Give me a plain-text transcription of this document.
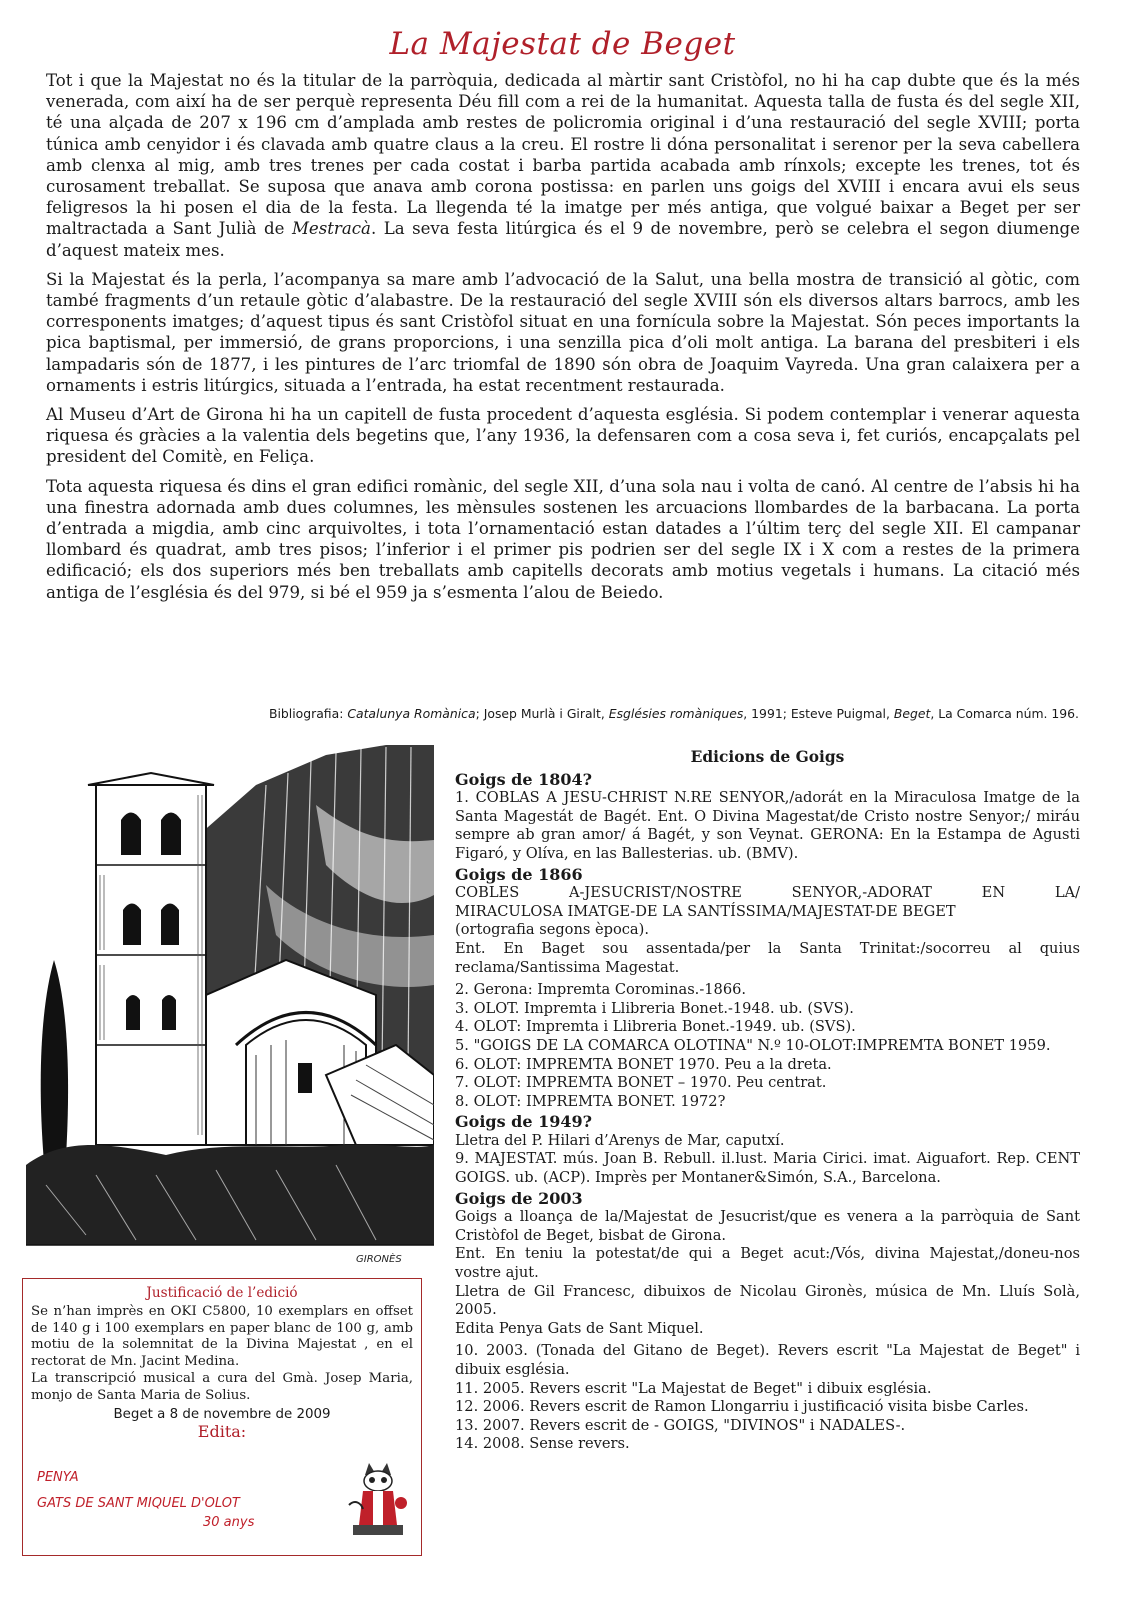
La Majestat de Beget

Tot i que la Majestat no és la titular de la parròquia, dedicada al màrtir sant Cristòfol, no hi ha cap dubte que és la més venerada, com així ha de ser perquè representa Déu fill com a rei de la humanitat. Aquesta talla de fusta és del segle XII, té una alçada de 207 x 196 cm d’amplada amb restes de policromia original i d’una restauració del segle XVIII; porta túnica amb cenyidor i és clavada amb quatre claus a la creu. El rostre li dóna personalitat i serenor per la seva cabellera amb clenxa al mig, amb tres trenes per cada costat i barba partida acabada amb rínxols; excepte les trenes, tot és curosament treballat. Se suposa que anava amb corona postissa: en parlen uns goigs del XVIII i encara avui els seus feligresos la hi posen el dia de la festa. La llegenda té la imatge per més antiga, que volgué baixar a Beget per ser maltractada a Sant Julià de Mestracà. La seva festa litúrgica és el 9 de novembre, però se celebra el segon diumenge d’aquest mateix mes.

Si la Majestat és la perla, l’acompanya sa mare amb l’advocació de la Salut, una bella mostra de transició al gòtic, com també fragments d’un retaule gòtic d’alabastre. De la restauració del segle XVIII són els diversos altars barrocs, amb les corresponents imatges; d’aquest tipus és sant Cristòfol situat en una fornícula sobre la Majestat. Són peces importants la pica baptismal, per immersió, de grans proporcions, i una senzilla pica d’oli molt antiga. La barana del presbiteri i els lampadaris són de 1877, i les pintures de l’arc triomfal de 1890 són obra de Joaquim Vayreda. Una gran calaixera per a ornaments i estris litúrgics, situada a l’entrada, ha estat recentment restaurada.

Al Museu d’Art de Girona hi ha un capitell de fusta procedent d’aquesta església. Si podem contemplar i venerar aquesta riquesa és gràcies a la valentia dels begetins que, l’any 1936, la defensaren com a cosa seva i, fet curiós, encapçalats pel president del Comitè, en Feliça.

Tota aquesta riquesa és dins el gran edifici romànic, del segle XII, d’una sola nau i volta de canó. Al centre de l’absis hi ha una finestra adornada amb dues columnes, les mènsules sostenen les arcuacions llombardes de la barbacana. La porta d’entrada a migdia, amb cinc arquivoltes, i tota l’ornamentació estan datades a l’últim terç del segle XII. El campanar llombard és quadrat, amb tres pisos; l’inferior i el primer pis podrien ser del segle IX i X com a restes de la primera edificació; els dos superiors més ben treballats amb capitells decorats amb motius vegetals i humans. La citació més antiga de l’església és del 979, si bé el 959 ja s’esmenta l’alou de Beiedo.

Bibliografia: Catalunya Romànica; Josep Murlà i Giralt, Esglésies romàniques, 1991; Esteve Puigmal, Beget, La Comarca núm. 196.
GIRONÈS
Justificació de l’edició

Se n’han imprès en OKI C5800, 10 exemplars en offset de 140 g i 100 exemplars en paper blanc de 100 g, amb motiu de la solemnitat de la Divina Majestat , en el rectorat de Mn. Jacint Medina.

La transcripció musical a cura del Gmà. Josep Maria, monjo de Santa Maria de Solius.

Beget a 8 de novembre de 2009
Edita:
PENYA
GATS DE SANT MIQUEL D'OLOT
30 anys
Edicions de Goigs
Goigs de 1804?

1. COBLAS A JESU-CHRIST N.RE SENYOR,/adorát en la Miraculosa Imatge de la Santa Magestát de Bagét. Ent. O Divina Magestat/de Cristo nostre Senyor;/ miráu sempre ab gran amor/ á Bagét, y son Veynat. GERONA: En la Estampa de Agusti Figaró, y Olíva, en las Ballesterias. ub. (BMV).

Goigs de 1866

COBLES A-JESUCRIST/NOSTRE SENYOR,-ADORAT EN LA/

MIRACULOSA IMATGE-DE LA SANTÍSSIMA/MAJESTAT-DE BEGET

(ortografia segons època).

Ent. En Baget sou assentada/per la Santa Trinitat:/socorreu al quius reclama/Santissima Magestat.

2. Gerona: Impremta Corominas.-1866.

3. OLOT. Impremta i Llibreria Bonet.-1948. ub. (SVS).

4. OLOT: Impremta i Llibreria Bonet.-1949. ub. (SVS).

5. "GOIGS DE LA COMARCA OLOTINA" N.º 10-OLOT:IMPREMTA BONET 1959.

6. OLOT: IMPREMTA BONET 1970. Peu a la dreta.

7. OLOT: IMPREMTA BONET – 1970. Peu centrat.

8. OLOT: IMPREMTA BONET. 1972?

Goigs de 1949?

Lletra del P. Hilari d’Arenys de Mar, caputxí.

9. MAJESTAT. mús. Joan B. Rebull. il.lust. Maria Cirici. imat. Aiguafort. Rep. CENT GOIGS. ub. (ACP). Imprès per Montaner&Simón, S.A., Barcelona.

Goigs de 2003

Goigs a lloança de la/Majestat de Jesucrist/que es venera a la parròquia de Sant Cristòfol de Beget, bisbat de Girona.

Ent. En teniu la potestat/de qui a Beget acut:/Vós, divina Majestat,/doneu-nos vostre ajut.

Lletra de Gil Francesc, dibuixos de Nicolau Gironès, música de Mn. Lluís Solà, 2005.

Edita Penya Gats de Sant Miquel.

10. 2003. (Tonada del Gitano de Beget). Revers escrit "La Majestat de Beget" i dibuix església.

11. 2005. Revers escrit "La Majestat de Beget" i dibuix església.

12. 2006. Revers escrit de Ramon Llongarriu i justificació visita bisbe Carles.

13. 2007. Revers escrit de - GOIGS, "DIVINOS" i NADALES-.

14. 2008. Sense revers.
